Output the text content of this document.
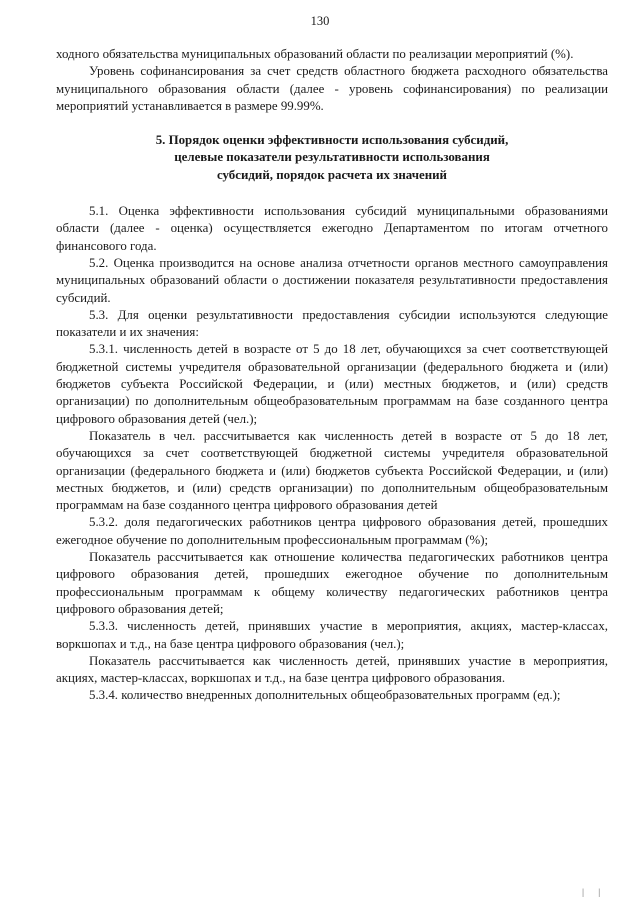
130

ходного обязательства муниципальных образований области по реализации мероприятий (%).

Уровень софинансирования за счет средств областного бюджета расходного обязательства муниципального образования области (далее - уровень софинансирования) по реализации мероприятий устанавливается в размере 99.99%.

5. Порядок оценки эффективности использования субсидий,
целевые показатели результативности использования
субсидий, порядок расчета их значений

5.1. Оценка эффективности использования субсидий муниципальными образованиями области (далее - оценка) осуществляется ежегодно Департаментом по итогам отчетного финансового года.

5.2. Оценка производится на основе анализа отчетности органов местного самоуправления муниципальных образований области о достижении показателя результативности предоставления субсидий.

5.3. Для оценки результативности предоставления субсидии используются следующие показатели и их значения:

5.3.1. численность детей в возрасте от 5 до 18 лет, обучающихся за счет соответствующей бюджетной системы учредителя образовательной организации (федерального бюджета и (или) бюджетов субъекта Российской Федерации, и (или) местных бюджетов, и (или) средств организации) по дополнительным общеобразовательным программам на базе созданного центра цифрового образования детей (чел.);

Показатель в чел. рассчитывается как численность детей в возрасте от 5 до 18 лет, обучающихся за счет соответствующей бюджетной системы учредителя образовательной организации (федерального бюджета и (или) бюджетов субъекта Российской Федерации, и (или) местных бюджетов, и (или) средств организации) по дополнительным общеобразовательным программам на базе созданного центра цифрового образования детей

5.3.2. доля педагогических работников центра цифрового образования детей, прошедших ежегодное обучение по дополнительным профессиональным программам (%);

Показатель рассчитывается как отношение количества педагогических работников центра цифрового образования детей, прошедших ежегодное обучение по дополнительным профессиональным программам к общему количеству педагогических работников центра цифрового образования детей;

5.3.3. численность детей, принявших участие в мероприятия, акциях, мастер-классах, воркшопах и т.д., на базе центра цифрового образования (чел.);

Показатель рассчитывается как численность детей, принявших участие в мероприятия, акциях, мастер-классах, воркшопах и т.д., на базе центра цифрового образования.

5.3.4. количество внедренных дополнительных общеобразовательных программ (ед.);

| |
